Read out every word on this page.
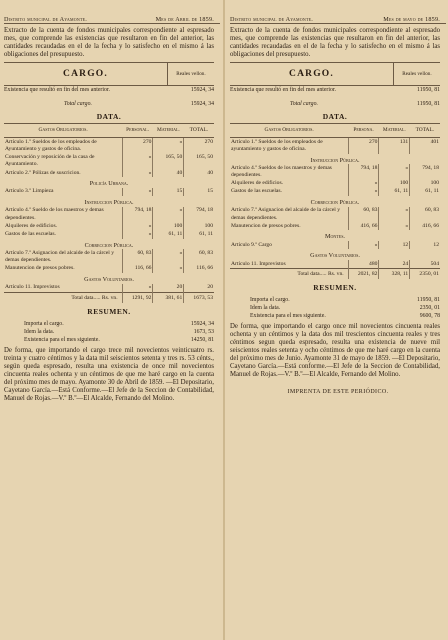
Distrito municipal de Ayamonte.	Mes de Abril de 1859.

Extracto de la cuenta de fondos municipales correspondiente al espresado mes, que comprende las existencias que resultaron en fin del anterior, las cantidades recaudadas en el de la fecha y lo satisfecho en el mismo á las obligaciones del presupuesto.

CARGO.	Reales vellon.
Existencia que resultó en fin del mes anterior.	15924, 34
Total cargo.	15924, 34
DATA.
Gastos Obligatorios.	Personal.	Material.	TOTAL.
Artículo 1.º Sueldos de los empleados de Ayuntamiento y gastos de oficina.	270	»	270
Conservación y reposición de la casa de Ayuntamiento.	»	165, 50	165, 50
Artículo 2.º Pólizas de suscricion.	»	40	40
Policía Urbana.			
Artículo 3.º Limpieza	»	15	15
Instruccion Pública.			
Artículo 4.º Sueldo de los maestros y demas dependientes.	794, 18	»	794, 18
Alquileres de edificios.	»	100	100
Gastos de las escuelas.	»	61, 11	61, 11
Correccion Pública.			
Artículo 7.º Asignacion del alcaide de la cárcel y demas dependientes.	60, 83	»	60, 83
Manutencion de presos pobres.	116, 66	»	116, 66
Gastos Voluntarios.			
Artículo 11. Imprevistos	»	20	20
Total data..... Rs. vn.	1291, 92	381, 61	1673, 53
RESUMEN.
Importa el cargo.	15924, 34
Idem la data.	1673, 53
Existencia para el mes siguiente.	14250, 81

De forma, que importando el cargo trece mil novecientos veinticuatro rs. treinta y cuatro céntimos y la data mil seiscientos setenta y tres rs. 53 cénts., según queda espresado, resulta una existencia de once mil novecientos cincuenta reales ochenta y un céntimos de que me haré cargo en la cuenta del próximo mes de mayo. Ayamonte 30 de Abril de 1859. —El Depositario, Cayetano García.—Está Conforme.—El Jefe de la Seccion de Contabilidad, Manuel de Rojas.—V.º B.º—El Alcalde, Fernando del Molino.

Distrito municipal de Ayamonte.	Mes de mayo de 1859.

Extracto de la cuenta de fondos municipales correspondiente al espresado mes, que comprende las existencias que resultaron en fin del anterior, las cantidades recaudadas en el de la fecha y lo satisfecho en el mismo á las obligaciones del presupuesto.

CARGO.	Reales vellon.
Existencia que resultó en fin del mes anterior.	11950, 81
Total cargo.	11950, 81
DATA.
Gastos Obligatorios.	Persona.	Material.	TOTAL.
Artículo 1.º Sueldos de los empleados de ayuntamiento y gastos de oficina.	270	131	401
Instruccion Pública.			
Artículo 4.º Sueldos de los maestros y demas dependientes.	794, 18	»	794, 18
Alquileres de edificios.	»	100	100
Gastos de las escuelas.	»	61, 11	61, 11
Correccion Pública.			
Artículo 7.º Asignacion del alcaide de la cárcel y demas dependientes.	60, 83	»	60, 83
Manutencion de presos pobres.	416, 66	»	416, 66
Montes.			
Artículo 9.º Cargo	»	12	12
Gastos Voluntarios.			
Artículo 11. Imprevistos	480	24	504
Total data..... Rs. vn.	2021, 82	328, 11	2350, 01
RESUMEN.
Importa el cargo.	11950, 81
Idem la data.	2350, 01
Existencia para el mes siguiente.	9600, 78

De forma, que importando el cargo once mil novecientos cincuenta reales ochenta y un céntimos y la data dos mil trescientos cincuenta reales y tres céntimos segun queda espresado, resulta una existencia de nueve mil seiscientos reales setenta y ocho céntimos de que me haré cargo en la cuenta del próximo mes de Junio. Ayamonte 31 de mayo de 1859. —El Depositario, Cayetano García.—Está conforme.—El Jefe de la Seccion de Contabilidad, Manuel de Rojas.—V.º B.º—El Alcalde, Fernando del Molino.

IMPRENTA DE ESTE PERIÓDICO.
